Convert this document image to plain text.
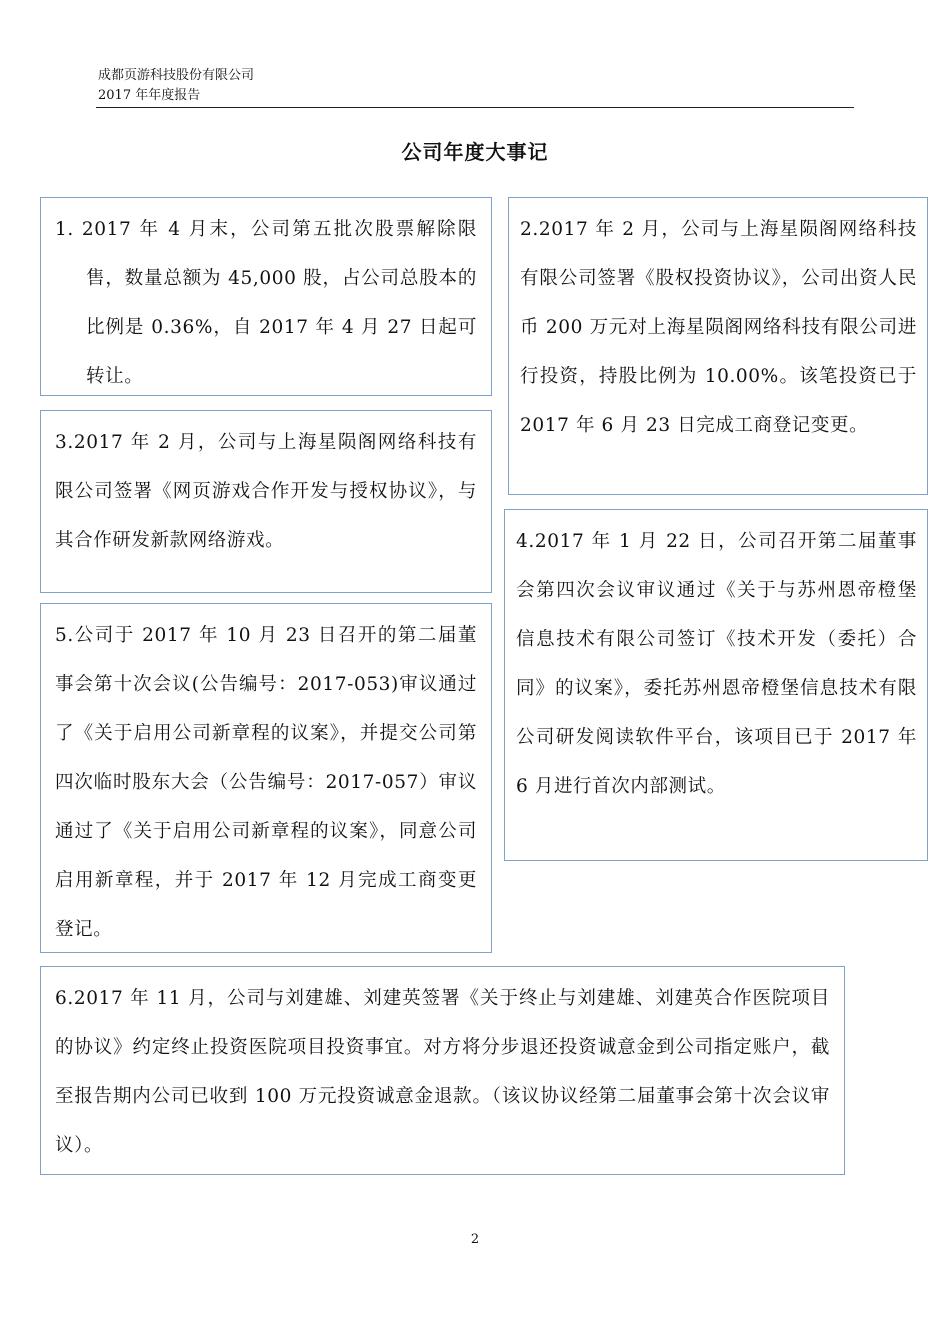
成都页游科技股份有限公司
2017 年年度报告
公司年度大事记

1. 2017 年 4 月末，公司第五批次股票解除限售，数量总额为 45,000 股，占公司总股本的比例是 0.36%，自 2017 年 4 月 27 日起可转让。

2.2017 年 2 月，公司与上海星陨阁网络科技有限公司签署《股权投资协议》，公司出资人民币 200 万元对上海星陨阁网络科技有限公司进行投资，持股比例为 10.00%。该笔投资已于 2017 年 6 月 23 日完成工商登记变更。

3.2017 年 2 月，公司与上海星陨阁网络科技有限公司签署《网页游戏合作开发与授权协议》，与其合作研发新款网络游戏。	4.2017 年 1 月 22 日，公司召开第二届董事会第四次会议审议通过《关于与苏州恩帝橙堡信息技术有限公司签订《技术开发（委托）合同》的议案》，委托苏州恩帝橙堡信息技术有限公司研发阅读软件平台，该项目已于 2017 年 6 月进行首次内部测试。

5.公司于 2017 年 10 月 23 日召开的第二届董事会第十次会议(公告编号：2017-053)审议通过了《关于启用公司新章程的议案》，并提交公司第四次临时股东大会（公告编号：2017-057）审议通过了《关于启用公司新章程的议案》，同意公司启用新章程，并于 2017 年 12 月完成工商变更登记。

6.2017 年 11 月，公司与刘建雄、刘建英签署《关于终止与刘建雄、刘建英合作医院项目的协议》约定终止投资医院项目投资事宜。对方将分步退还投资诚意金到公司指定账户，截至报告期内公司已收到 100 万元投资诚意金退款。（该议协议经第二届董事会第十次会议审议）。

2
